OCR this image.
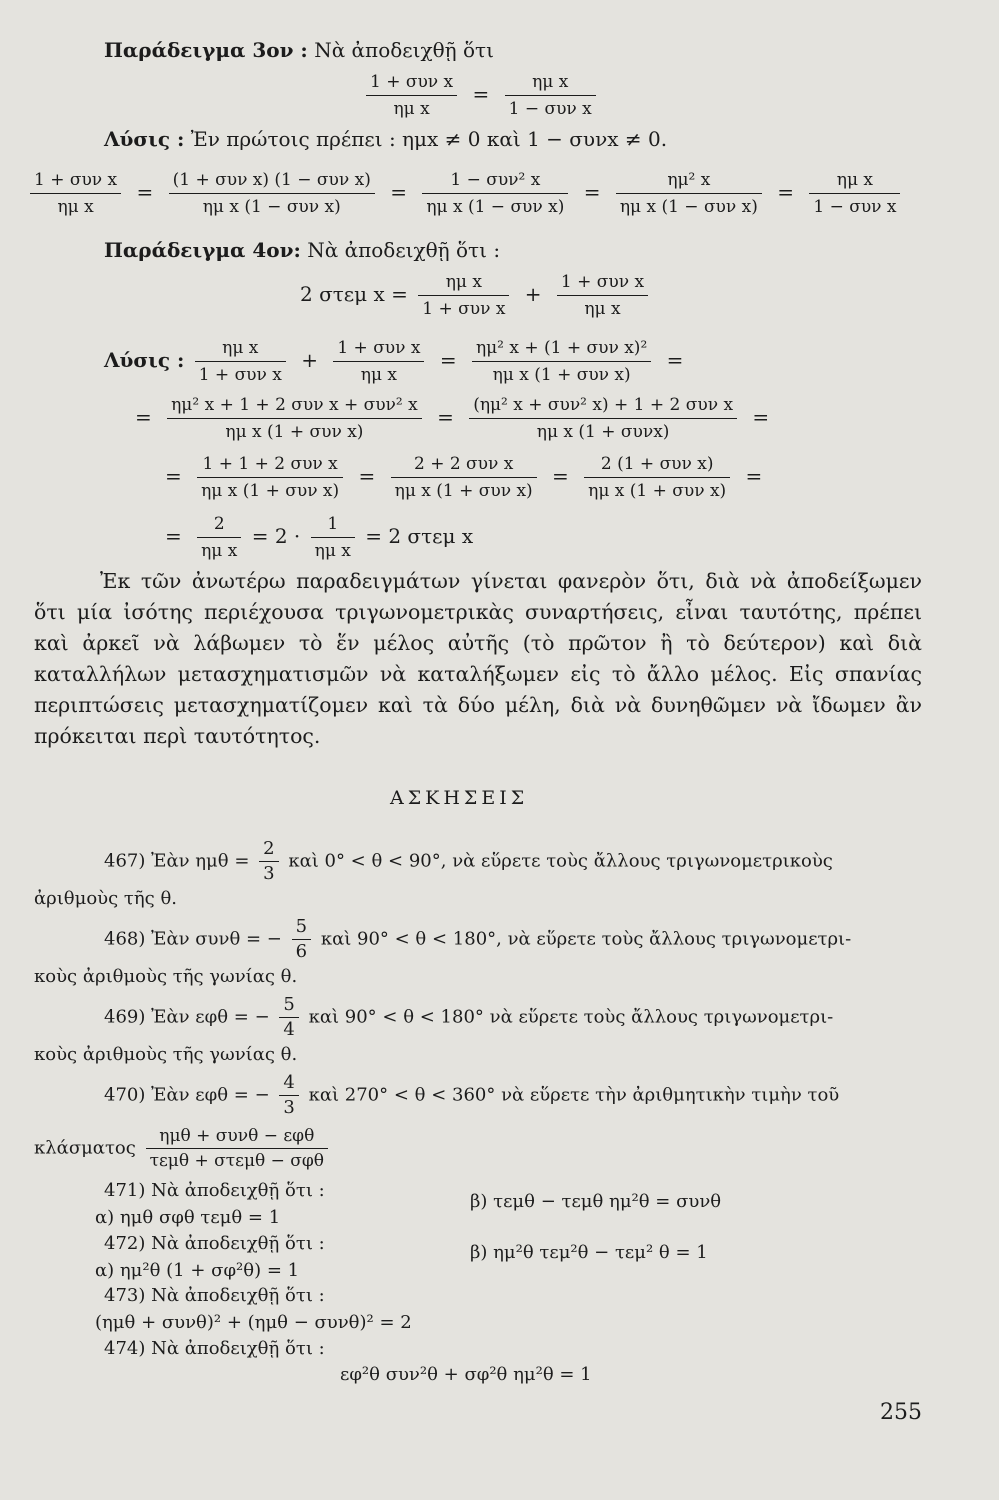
Παράδειγμα 3ον : Νὰ ἀποδειχθῇ ὅτι
$\frac{\text{1 + συν x}}{\text{ημ x}} = \frac{\text{ημ x}}{\text{1 − συν x}}$
Λύσις : Ἐν πρώτοις πρέπει : ημx ≠ 0 καὶ 1 − συνx ≠ 0.
$\frac{\text{1 + συν x}}{\text{ημ x}} = \frac{\text{(1 + συν x) (1 − συν x)}}{\text{ημ x (1 − συν x)}} = \frac{\text{1 − συν² x}}{\text{ημ x (1 − συν x)}} = \frac{\text{ημ² x}}{\text{ημ x (1 − συν x)}} = \frac{\text{ημ x}}{\text{1 − συν x}}$
Παράδειγμα 4ον: Νὰ ἀποδειχθῇ ὅτι :
2 στεμ $x = \frac{\text{ημ x}}{\text{1 + συν x}} + \frac{\text{1 + συν x}}{\text{ημ x}}$
Λύσις : $\frac{\text{ημ x}}{\text{1 + συν x}} + \frac{\text{1 + συν x}}{\text{ημ x}} = \frac{\text{ημ² x + (1 + συν x)²}}{\text{ημ x (1 + συν x)}}$ =
= $\frac{\text{ημ² x + 1 + 2 συν x + συν² x}}{\text{ημ x (1 + συν x)}} = \frac{\text{(ημ² x + συν² x) + 1 + 2 συν x}}{\text{ημ x (1 + συνx)}}$ =
= $\frac{\text{1 + 1 + 2 συν x}}{\text{ημ x (1 + συν x)}} = \frac{\text{2 + 2 συν x}}{\text{ημ x (1 + συν x)}} = \frac{\text{2 (1 + συν x)}}{\text{ημ x (1 + συν x)}}$ =
= $\frac{2}{\text{ημ x}} = 2 \cdot \frac{1}{\text{ημ x}} = 2$ στεμ x
Ἐκ τῶν ἀνωτέρω παραδειγμάτων γίνεται φανερὸν ὅτι, διὰ νὰ ἀποδείξωμεν ὅτι μία ἰσότης περιέχουσα τριγωνομετρικὰς συναρτήσεις, εἶναι ταυτότης, πρέπει καὶ ἀρκεῖ νὰ λάβωμεν τὸ ἕν μέλος αὐτῆς (τὸ πρῶτον ἢ τὸ δεύτερον) καὶ διὰ καταλλήλων μετασχηματισμῶν νὰ καταλήξωμεν εἰς τὸ ἄλλο μέλος. Εἰς σπανίας περιπτώσεις μετασχηματίζομεν καὶ τὰ δύο μέλη, διὰ νὰ δυνηθῶμεν νὰ ἴδωμεν ἂν πρόκειται περὶ ταυτότητος.
ΑΣΚΗΣΕΙΣ
467) Ἐὰν $\eta\mu\theta = \frac{2}{3}$ καὶ 0° < θ < 90°, νὰ εὕρετε τοὺς ἄλλους τριγωνομετρικοὺς
ἀριθμοὺς τῆς θ.
468) Ἐὰν συνθ = − $\frac{5}{6}$ καὶ 90° < θ < 180°, νὰ εὕρετε τοὺς ἄλλους τριγωνομετρι-
κοὺς ἀριθμοὺς τῆς γωνίας θ.
469) Ἐὰν εφθ = − $\frac{5}{4}$ καὶ 90° < θ < 180° νὰ εὕρετε τοὺς ἄλλους τριγωνομετρι-
κοὺς ἀριθμοὺς τῆς γωνίας θ.
470) Ἐὰν εφθ = − $\frac{4}{3}$ καὶ 270° < θ < 360° νὰ εὕρετε τὴν ἀριθμητικὴν τιμὴν τοῦ
κλάσματος $\frac{\text{ημθ + συνθ − εφθ}}{\text{τεμθ + στεμθ − σφθ}}$
471) Νὰ ἀποδειχθῇ ὅτι :
β) τεμθ − τεμθ ημ²θ = συνθ
α) ημθ σφθ τεμθ = 1
472) Νὰ ἀποδειχθῇ ὅτι :	β) ημ²θ τεμ²θ − τεμ² θ = 1
α) ημ²θ (1 + σφ²θ) = 1
473) Νὰ ἀποδειχθῇ ὅτι :
(ημθ + συνθ)² + (ημθ − συνθ)² = 2
474) Νὰ ἀποδειχθῇ ὅτι :
εφ²θ συν²θ + σφ²θ ημ²θ = 1
255
